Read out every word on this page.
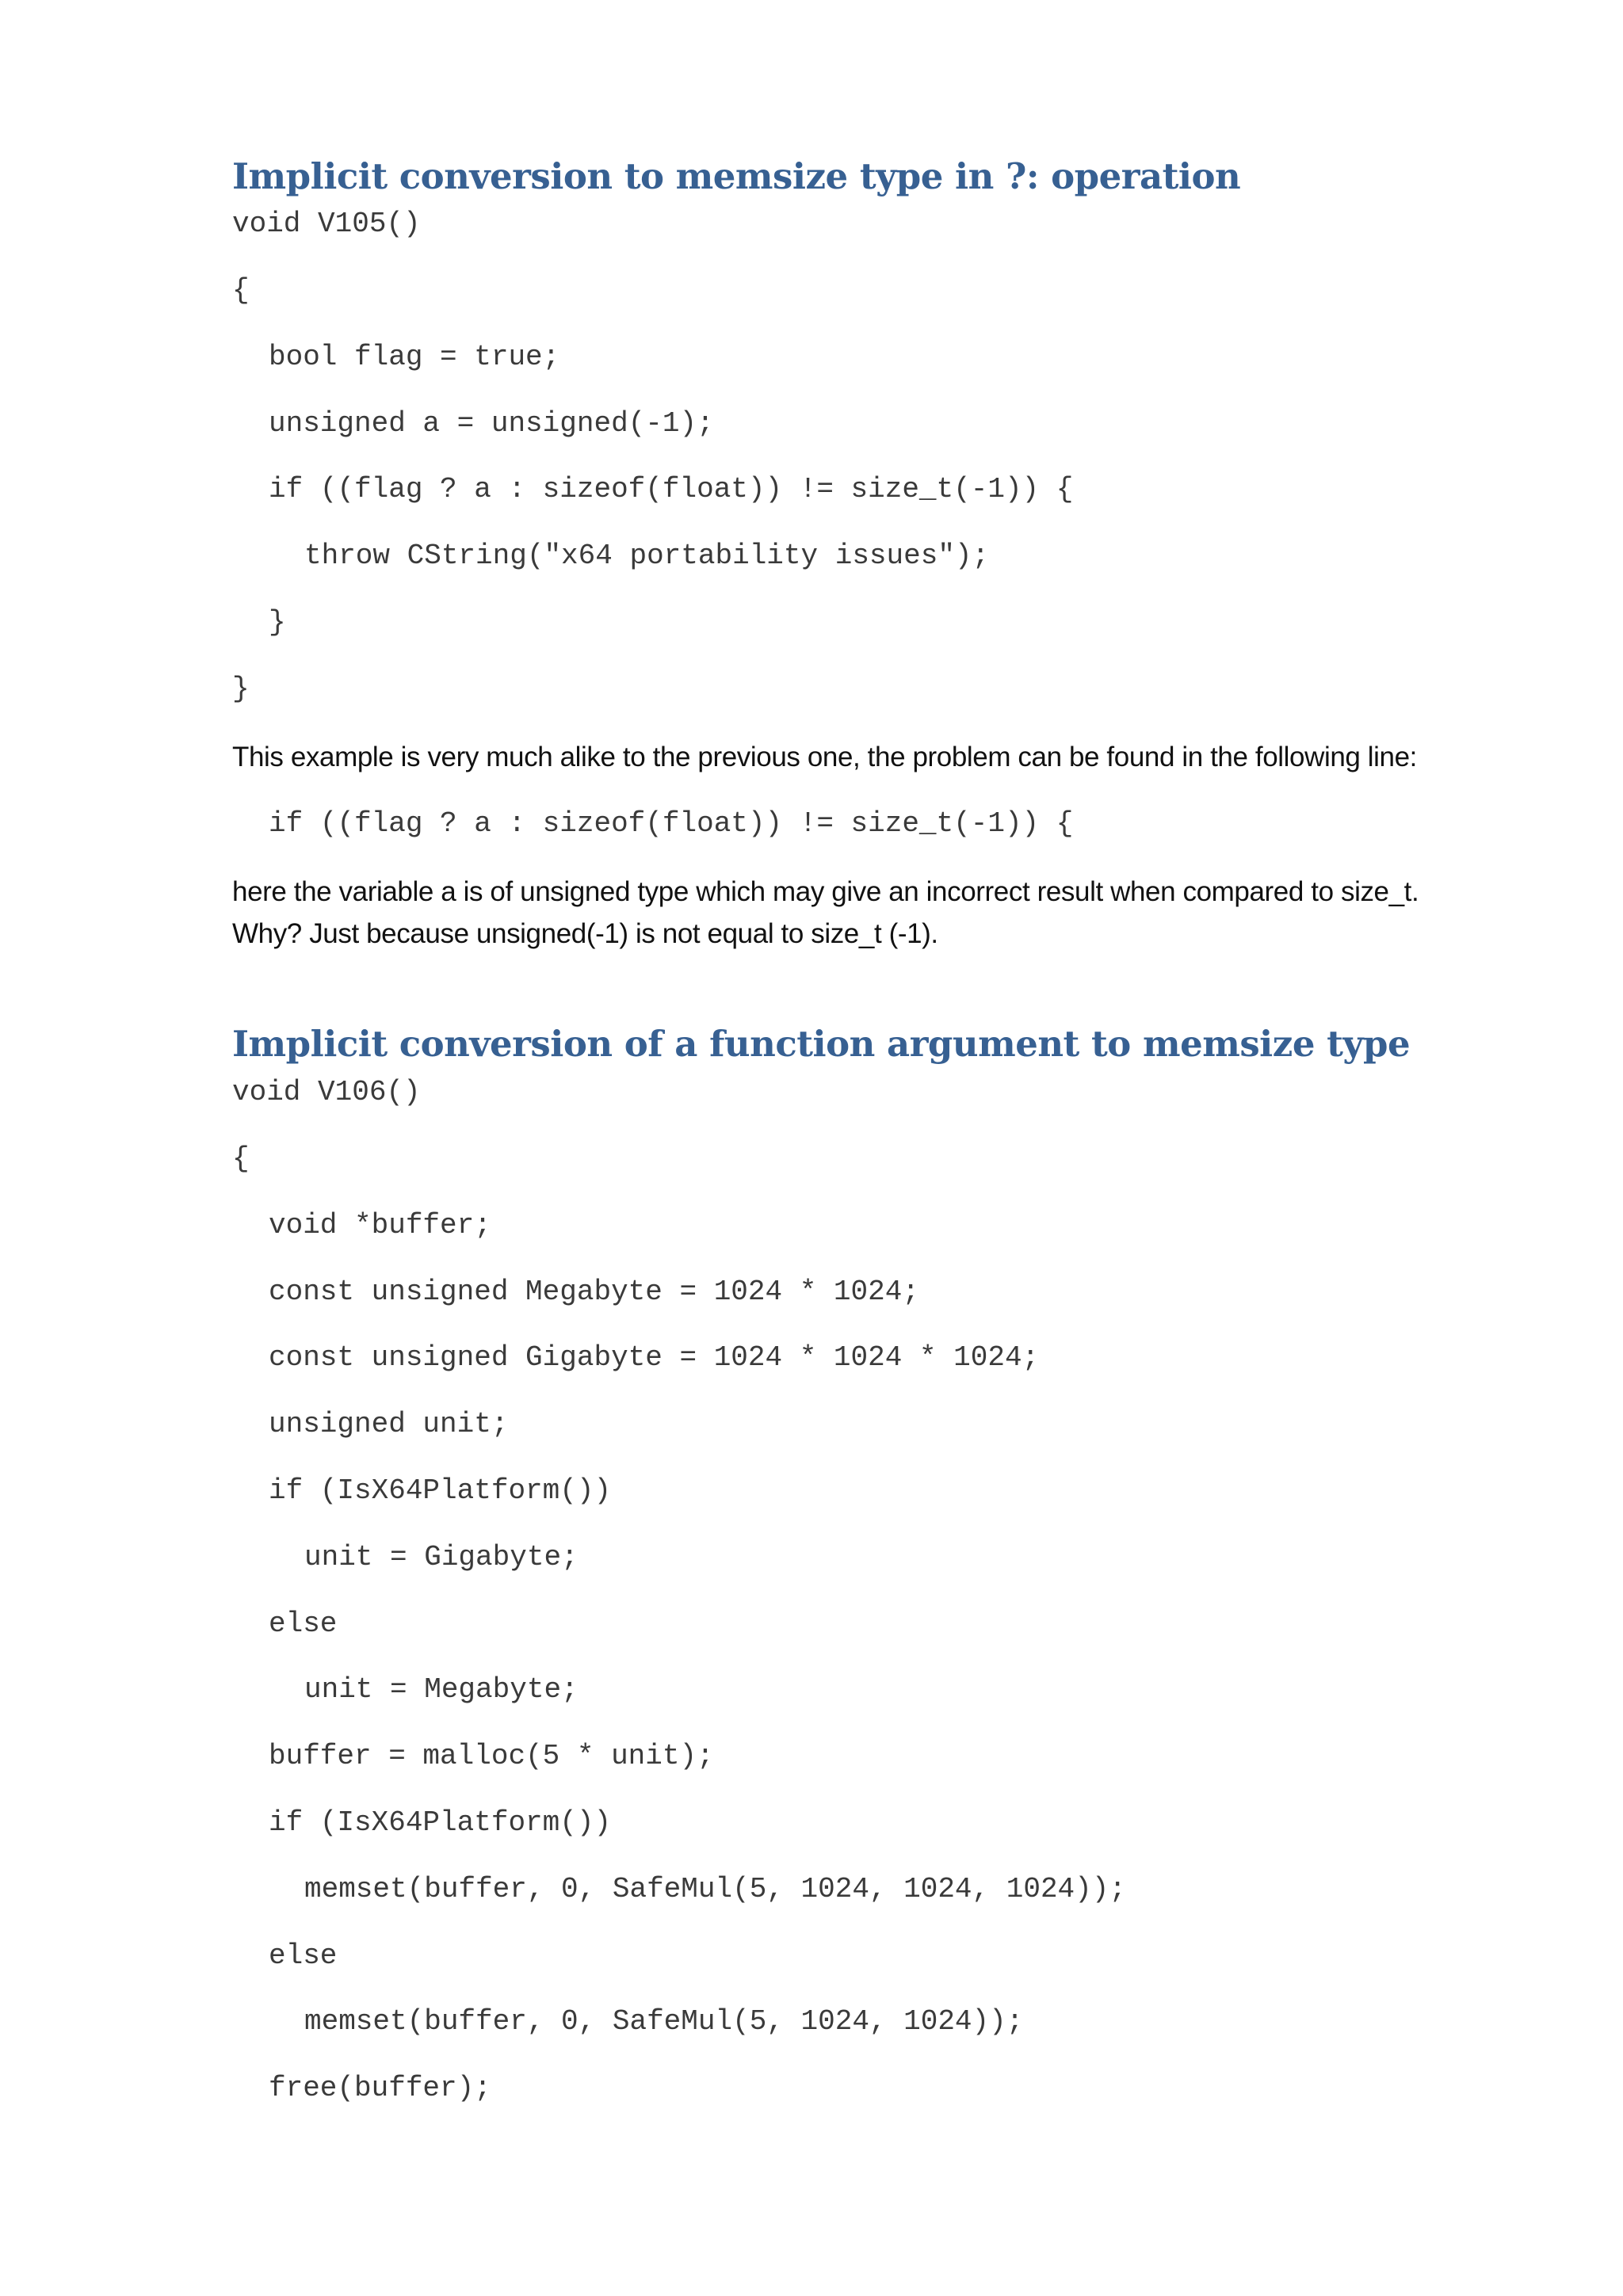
Implicit conversion to memsize type in ?: operation
void V105()
{
bool flag = true;
unsigned a = unsigned(-1);
if ((flag ? a : sizeof(float)) != size_t(-1)) {
throw CString("x64 portability issues");
}
}

This example is very much alike to the previous one, the problem can be found in the following line:

if ((flag ? a : sizeof(float)) != size_t(-1)) {

here the variable a is of unsigned type which may give an incorrect result when compared to size_t.

Why? Just because unsigned(-1) is not equal to size_t (-1).

Implicit conversion of a function argument to memsize type
void V106()
{
void *buffer;
const unsigned Megabyte = 1024 * 1024;
const unsigned Gigabyte = 1024 * 1024 * 1024;
unsigned unit;
if (IsX64Platform())
unit = Gigabyte;
else
unit = Megabyte;
buffer = malloc(5 * unit);
if (IsX64Platform())
memset(buffer, 0, SafeMul(5, 1024, 1024, 1024));
else
memset(buffer, 0, SafeMul(5, 1024, 1024));
free(buffer);
